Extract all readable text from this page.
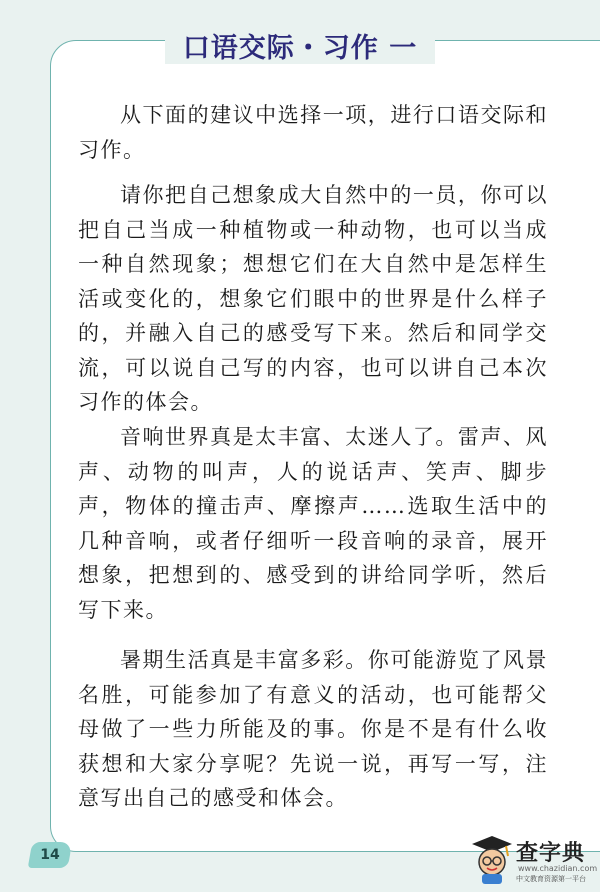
口语交际・习作 一

从下面的建议中选择一项，进行口语交际和习作。

请你把自己想象成大自然中的一员，你可以把自己当成一种植物或一种动物，也可以当成一种自然现象；想想它们在大自然中是怎样生活或变化的，想象它们眼中的世界是什么样子的，并融入自己的感受写下来。然后和同学交流，可以说自己写的内容，也可以讲自己本次习作的体会。

音响世界真是太丰富、太迷人了。雷声、风声、动物的叫声，人的说话声、笑声、脚步声，物体的撞击声、摩擦声……选取生活中的几种音响，或者仔细听一段音响的录音，展开想象，把想到的、感受到的讲给同学听，然后写下来。

暑期生活真是丰富多彩。你可能游览了风景名胜，可能参加了有意义的活动，也可能帮父母做了一些力所能及的事。你是不是有什么收获想和大家分享呢？先说一说，再写一写，注意写出自己的感受和体会。

14	查字典
www.chazidian.com
中文教育资源第一平台
